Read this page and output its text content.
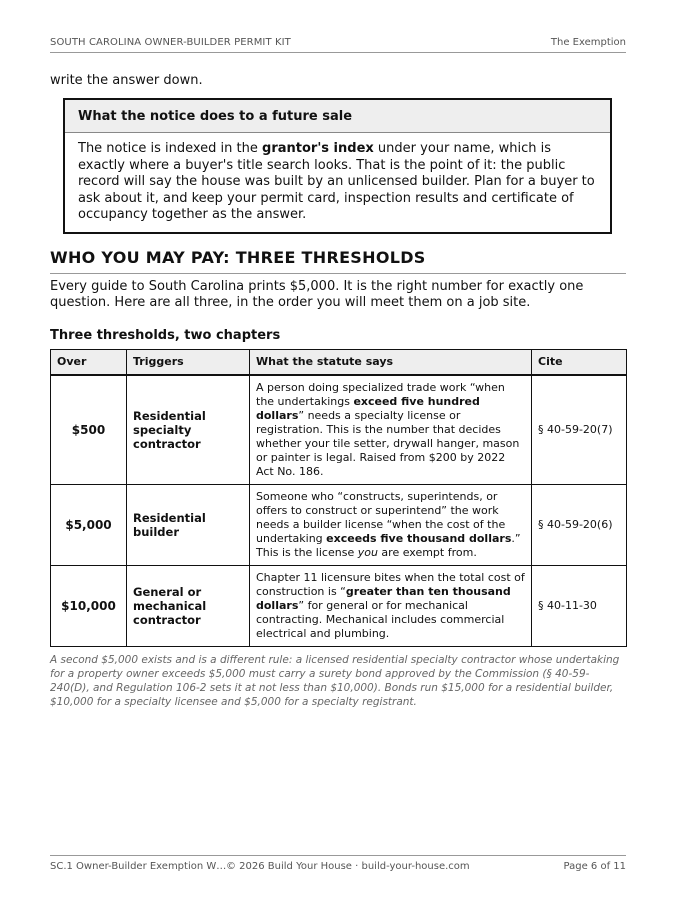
SOUTH CAROLINA OWNER-BUILDER PERMIT KIT	The Exemption

write the answer down.

What the notice does to a future sale
The notice is indexed in the grantor's index under your name, which is exactly where a buyer's title search looks. That is the point of it: the public record will say the house was built by an unlicensed builder. Plan for a buyer to ask about it, and keep your permit card, inspection results and certificate of occupancy together as the answer.
WHO YOU MAY PAY: THREE THRESHOLDS

Every guide to South Carolina prints $5,000. It is the right number for exactly one question. Here are all three, in the order you will meet them on a job site.

Three thresholds, two chapters
Over	Triggers	What the statute says	Cite
$500	Residential specialty contractor	A person doing specialized trade work “when the undertakings exceed five hundred dollars” needs a specialty license or registration. This is the number that decides whether your tile setter, drywall hanger, mason or painter is legal. Raised from $200 by 2022 Act No. 186.	§ 40-59-20(7)
$5,000	Residential builder	Someone who “constructs, superintends, or offers to construct or superintend” the work needs a builder license “when the cost of the undertaking exceeds five thousand dollars.” This is the license you are exempt from.	§ 40-59-20(6)
$10,000	General or mechanical contractor	Chapter 11 licensure bites when the total cost of construction is “greater than ten thousand dollars” for general or for mechanical contracting. Mechanical includes commercial electrical and plumbing.	§ 40-11-30
A second $5,000 exists and is a different rule: a licensed residential specialty contractor whose undertaking for a property owner exceeds $5,000 must carry a surety bond approved by the Commission (§ 40-59-240(D), and Regulation 106-2 sets it at not less than $10,000). Bonds run $15,000 for a residential builder, $10,000 for a specialty licensee and $5,000 for a specialty registrant.
SC.1 Owner-Builder Exemption W… © 2026 Build Your House · build-your-house.com	Page 6 of 11
